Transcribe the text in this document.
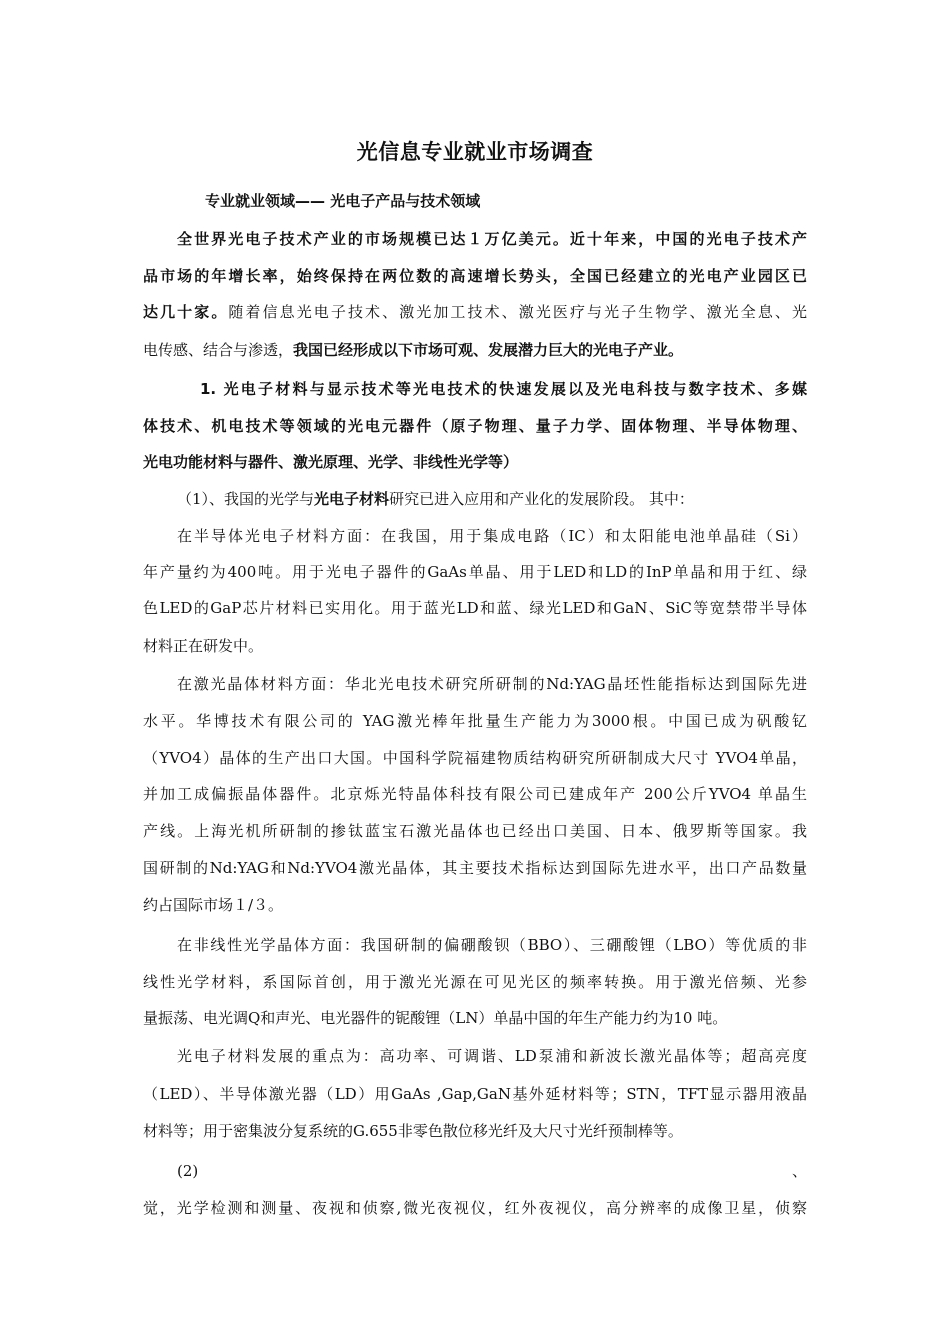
光信息专业就业市场调查
专业就业领域—— 光电子产品与技术领域
全世界光电子技术产业的市场规模已达１万亿美元。近十年来，中国的光电子技术产
品市场的年增长率，始终保持在两位数的高速增长势头，全国已经建立的光电产业园区已
达几十家。随着信息光电子技术、激光加工技术、激光医疗与光子生物学、激光全息、光
电传感、结合与渗透，我国已经形成以下市场可观、发展潜力巨大的光电子产业。
1. 光电子材料与显示技术等光电技术的快速发展以及光电科技与数字技术、多媒
体技术、机电技术等领域的光电元器件（原子物理、量子力学、固体物理、半导体物理、
光电功能材料与器件、激光原理、光学、非线性光学等）
（1）、我国的光学与光电子材料研究已进入应用和产业化的发展阶段。 其中：
在半导体光电子材料方面：在我国，用于集成电路（IC）和太阳能电池单晶硅（Si）
年产量约为400吨。用于光电子器件的GaAs单晶、用于LED和LD的InP单晶和用于红、绿
色LED的GaP芯片材料已实用化。用于蓝光LD和蓝、绿光LED和GaN、SiC等宽禁带半导体
材料正在研发中。
在激光晶体材料方面：华北光电技术研究所研制的Nd:YAG晶坯性能指标达到国际先进
水平。华博技术有限公司的 YAG激光棒年批量生产能力为3000根。中国已成为矾酸钇
（YVO4）晶体的生产出口大国。中国科学院福建物质结构研究所研制成大尺寸 YVO4单晶，
并加工成偏振晶体器件。北京烁光特晶体科技有限公司已建成年产 200公斤YVO4 单晶生
产线。上海光机所研制的掺钛蓝宝石激光晶体也已经出口美国、日本、俄罗斯等国家。我
国研制的Nd:YAG和Nd:YVO4激光晶体，其主要技术指标达到国际先进水平，出口产品数量
约占国际市场１/３。
在非线性光学晶体方面：我国研制的偏硼酸钡（BBO）、三硼酸锂（LBO）等优质的非
线性光学材料，系国际首创，用于激光光源在可见光区的频率转换。用于激光倍频、光参
量振荡、电光调Q和声光、电光器件的铌酸锂（LN）单晶中国的年生产能力约为10 吨。
光电子材料发展的重点为：高功率、可调谐、LD泵浦和新波长激光晶体等；超高亮度
（LED）、半导体激光器（LD）用GaAs ,Gap,GaN基外延材料等；STN，TFT显示器用液晶
材料等；用于密集波分复系统的G.655非零色散位移光纤及大尺寸光纤预制棒等。
(2)、
觉，光学检测和测量、夜视和侦察,微光夜视仪，红外夜视仪，高分辨率的成像卫星，侦察
